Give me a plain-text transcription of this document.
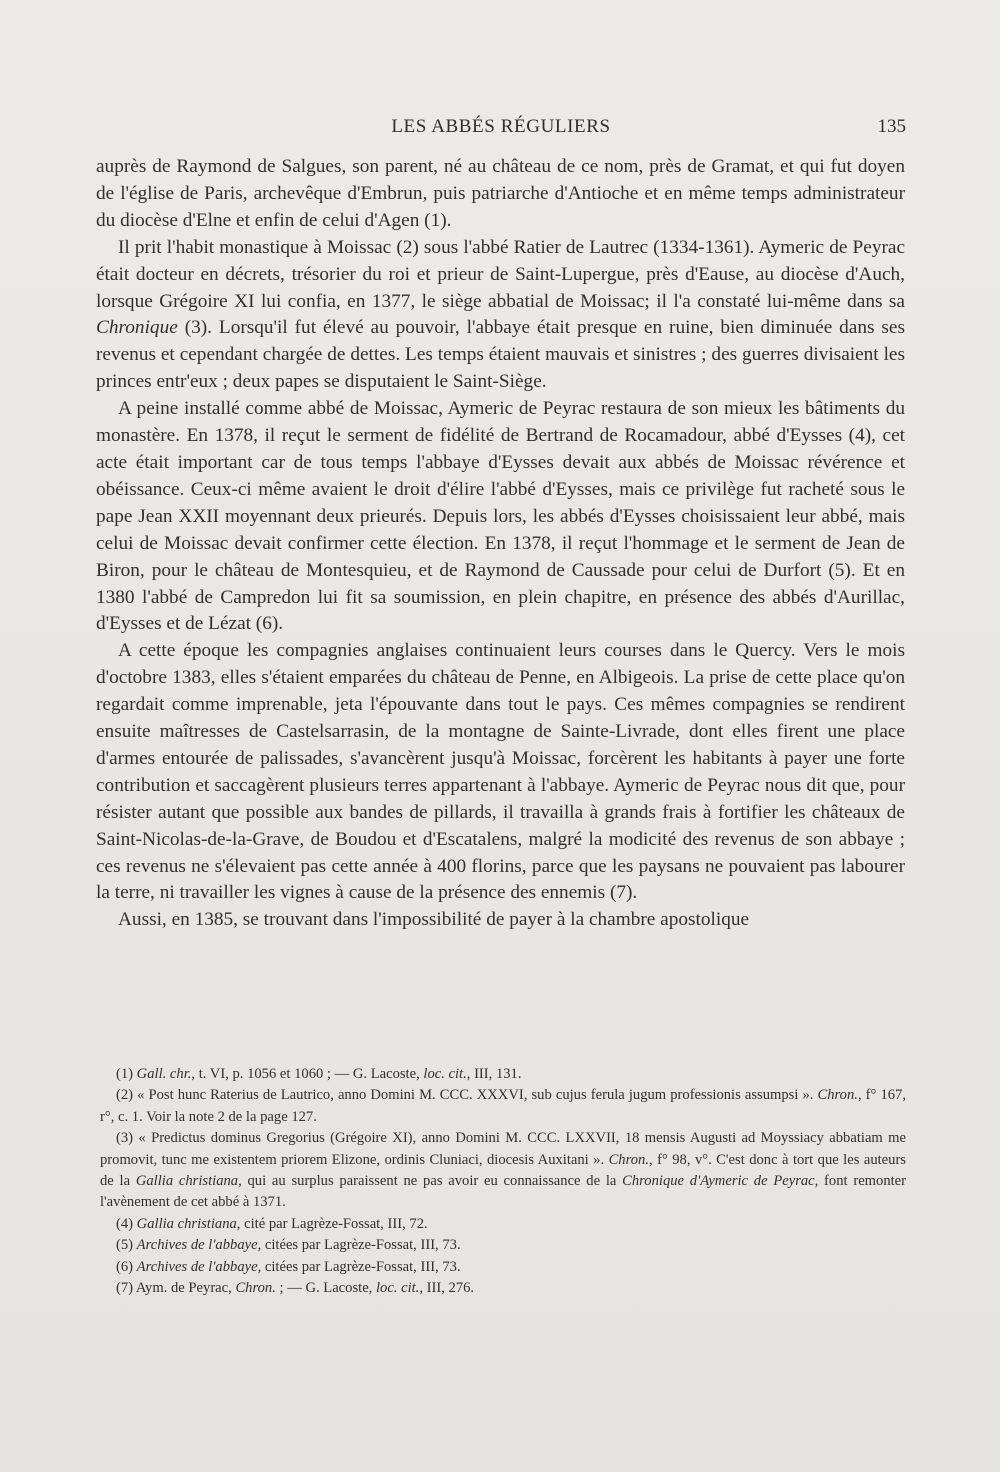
LES ABBÉS RÉGULIERS	135

auprès de Raymond de Salgues, son parent, né au château de ce nom, près de Gramat, et qui fut doyen de l'église de Paris, archevêque d'Embrun, puis patriarche d'Antioche et en même temps administrateur du diocèse d'Elne et enfin de celui d'Agen (1).

Il prit l'habit monastique à Moissac (2) sous l'abbé Ratier de Lautrec (1334-1361). Aymeric de Peyrac était docteur en décrets, trésorier du roi et prieur de Saint-Lupergue, près d'Eause, au diocèse d'Auch, lorsque Grégoire XI lui confia, en 1377, le siège abbatial de Moissac; il l'a constaté lui-même dans sa Chronique (3). Lorsqu'il fut élevé au pouvoir, l'abbaye était presque en ruine, bien diminuée dans ses revenus et cependant chargée de dettes. Les temps étaient mauvais et sinistres ; des guerres divisaient les princes entr'eux ; deux papes se disputaient le Saint-Siège.

A peine installé comme abbé de Moissac, Aymeric de Peyrac restaura de son mieux les bâtiments du monastère. En 1378, il reçut le serment de fidélité de Bertrand de Rocamadour, abbé d'Eysses (4), cet acte était important car de tous temps l'abbaye d'Eysses devait aux abbés de Moissac révérence et obéissance. Ceux-ci même avaient le droit d'élire l'abbé d'Eysses, mais ce privilège fut racheté sous le pape Jean XXII moyennant deux prieurés. Depuis lors, les abbés d'Eysses choisissaient leur abbé, mais celui de Moissac devait confirmer cette élection. En 1378, il reçut l'hommage et le serment de Jean de Biron, pour le château de Montesquieu, et de Raymond de Caussade pour celui de Durfort (5). Et en 1380 l'abbé de Campredon lui fit sa soumission, en plein chapitre, en présence des abbés d'Aurillac, d'Eysses et de Lézat (6).

A cette époque les compagnies anglaises continuaient leurs courses dans le Quercy. Vers le mois d'octobre 1383, elles s'étaient emparées du château de Penne, en Albigeois. La prise de cette place qu'on regardait comme imprenable, jeta l'épouvante dans tout le pays. Ces mêmes compagnies se rendirent ensuite maîtresses de Castelsarrasin, de la montagne de Sainte-Livrade, dont elles firent une place d'armes entourée de palissades, s'avancèrent jusqu'à Moissac, forcèrent les habitants à payer une forte contribution et saccagèrent plusieurs terres appartenant à l'abbaye. Aymeric de Peyrac nous dit que, pour résister autant que possible aux bandes de pillards, il travailla à grands frais à fortifier les châteaux de Saint-Nicolas-de-la-Grave, de Boudou et d'Escatalens, malgré la modicité des revenus de son abbaye ; ces revenus ne s'élevaient pas cette année à 400 florins, parce que les paysans ne pouvaient pas labourer la terre, ni travailler les vignes à cause de la présence des ennemis (7).

Aussi, en 1385, se trouvant dans l'impossibilité de payer à la chambre apostolique

(1) Gall. chr., t. VI, p. 1056 et 1060 ; — G. Lacoste, loc. cit., III, 131.

(2) « Post hunc Raterius de Lautrico, anno Domini M. CCC. XXXVI, sub cujus ferula jugum professionis assumpsi ». Chron., f° 167, r°, c. 1. Voir la note 2 de la page 127.

(3) « Predictus dominus Gregorius (Grégoire XI), anno Domini M. CCC. LXXVII, 18 mensis Augusti ad Moyssiacy abbatiam me promovit, tunc me existentem priorem Elizone, ordinis Cluniaci, diocesis Auxitani ». Chron., f° 98, v°. C'est donc à tort que les auteurs de la Gallia christiana, qui au surplus paraissent ne pas avoir eu connaissance de la Chronique d'Aymeric de Peyrac, font remonter l'avènement de cet abbé à 1371.

(4) Gallia christiana, cité par Lagrèze-Fossat, III, 72.

(5) Archives de l'abbaye, citées par Lagrèze-Fossat, III, 73.

(6) Archives de l'abbaye, citées par Lagrèze-Fossat, III, 73.

(7) Aym. de Peyrac, Chron. ; — G. Lacoste, loc. cit., III, 276.
